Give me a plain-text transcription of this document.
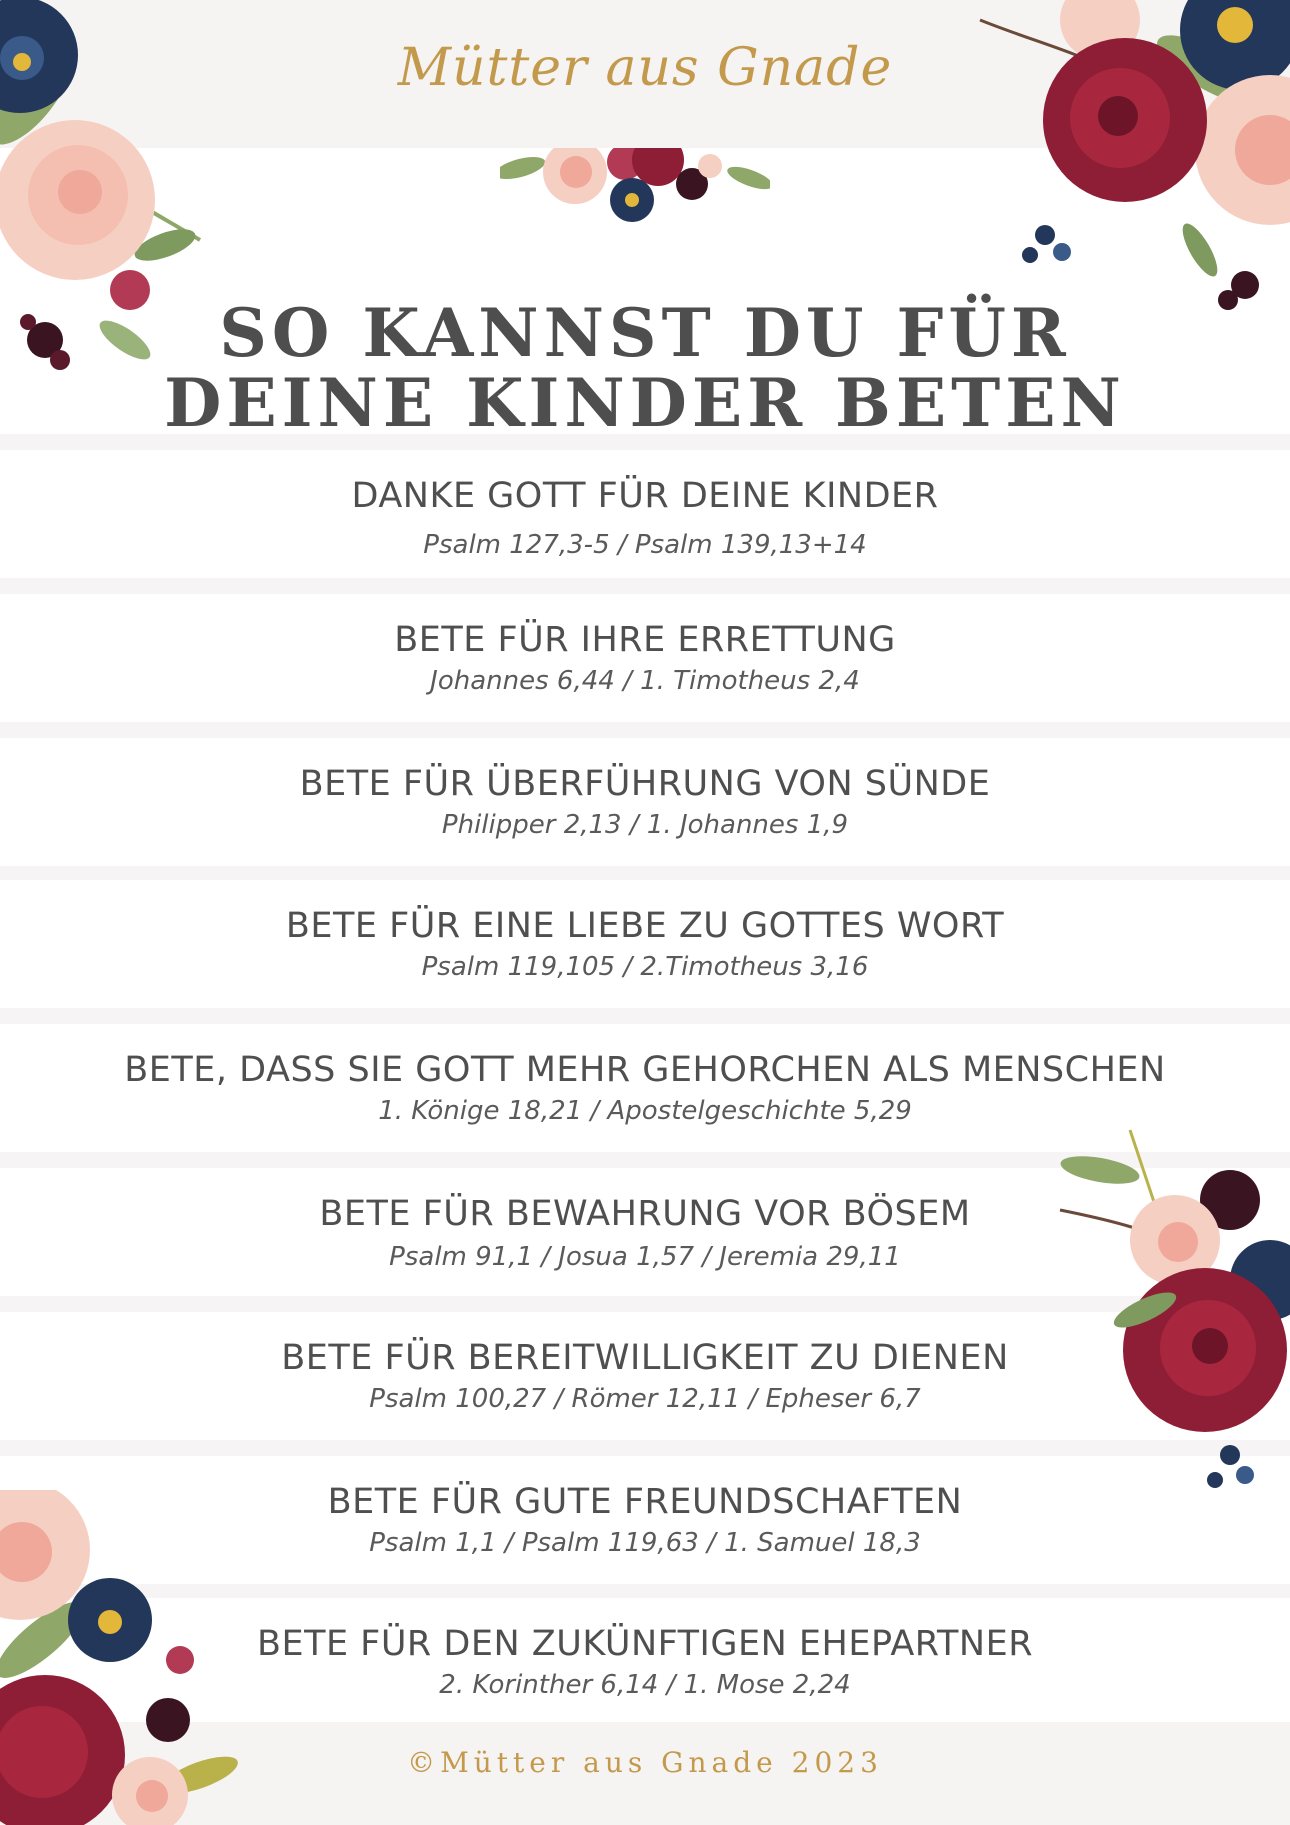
Mütter aus Gnade
SO KANNST DU FÜR DEINE KINDER BETEN
DANKE GOTT FÜR DEINE KINDER
Psalm 127,3-5 / Psalm 139,13+14
BETE FÜR IHRE ERRETTUNG
Johannes 6,44 / 1. Timotheus 2,4
BETE FÜR ÜBERFÜHRUNG VON SÜNDE
Philipper 2,13 / 1. Johannes 1,9
BETE FÜR EINE LIEBE ZU GOTTES WORT
Psalm 119,105 / 2.Timotheus 3,16
BETE, DASS SIE GOTT MEHR GEHORCHEN ALS MENSCHEN
1. Könige 18,21 / Apostelgeschichte 5,29
BETE FÜR BEWAHRUNG VOR BÖSEM
Psalm 91,1 / Josua 1,57 / Jeremia 29,11
BETE FÜR BEREITWILLIGKEIT ZU DIENEN
Psalm 100,27 / Römer 12,11 / Epheser 6,7
BETE FÜR GUTE FREUNDSCHAFTEN
Psalm 1,1 / Psalm 119,63 / 1. Samuel 18,3
BETE FÜR DEN ZUKÜNFTIGEN EHEPARTNER
2. Korinther 6,14 / 1. Mose 2,24
©Mütter aus Gnade 2023
